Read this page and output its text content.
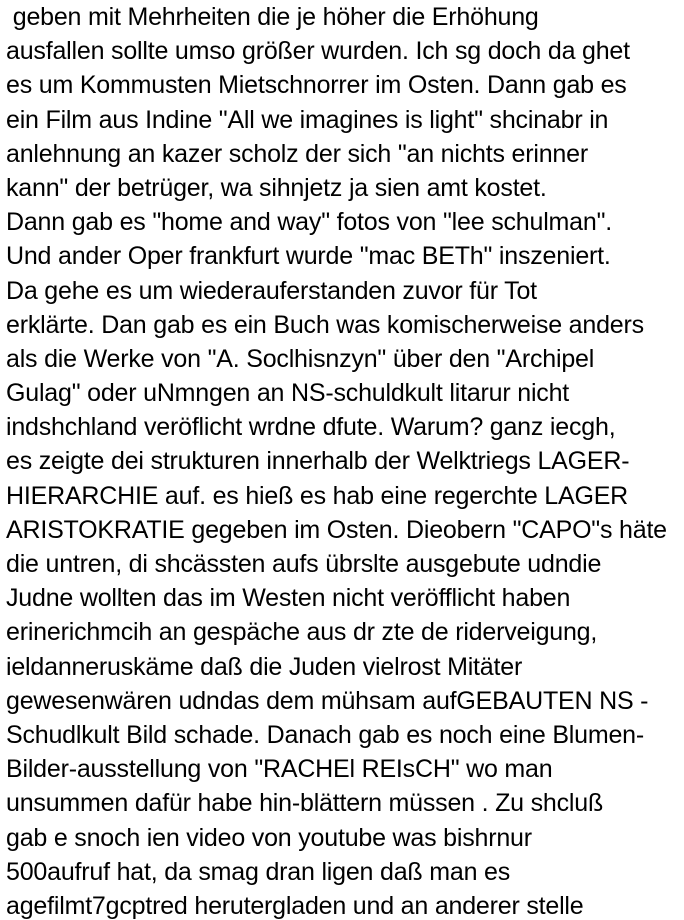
geben mit Mehrheiten die je höher die Erhöhung
ausfallen sollte umso größer wurden. Ich sg doch da ghet
es um Kommusten Mietschnorrer im Osten. Dann gab es
ein Film aus Indine "All we imagines is light" shcinabr in
anlehnung an kazer scholz der sich "an nichts erinner
kann" der betrüger, wa sihnjetz ja sien amt kostet.
Dann gab es "home and way" fotos von "lee schulman".
Und ander Oper frankfurt wurde "mac BETh" inszeniert.
Da gehe es um wiederauferstanden zuvor für Tot
erklärte. Dan gab es ein Buch was komischerweise anders
als die Werke von "A. Soclhisnzyn" über den "Archipel
Gulag" oder uNmngen an NS-schuldkult litarur nicht
indshchland veröflicht wrdne dfute. Warum? ganz iecgh,
es zeigte dei strukturen innerhalb der Welktriegs LAGER-
HIERARCHIE auf. es hieß es hab eine regerchte LAGER
ARISTOKRATIE gegeben im Osten. Dieobern "CAPO"s häte
die untren, di shcässten aufs übrslte ausgebute udndie
Judne wollten das im Westen nicht veröfflicht haben
erinerichmcih an gespäche aus dr zte de riderveigung,
ieldanneruskäme daß die Juden vielrost Mitäter
gewesenwären udndas dem mühsam aufGEBAUTEN NS -
Schudlkult Bild schade. Danach gab es noch eine Blumen-
Bilder-ausstellung von "RACHEl REIsCH" wo man
unsummen dafür habe hin-blättern müssen . Zu shcluß
gab e snoch ien video von youtube was bishrnur
500aufruf hat, da smag dran ligen daß man es
agefilmt7gcptred herutergladen und an anderer stelle
